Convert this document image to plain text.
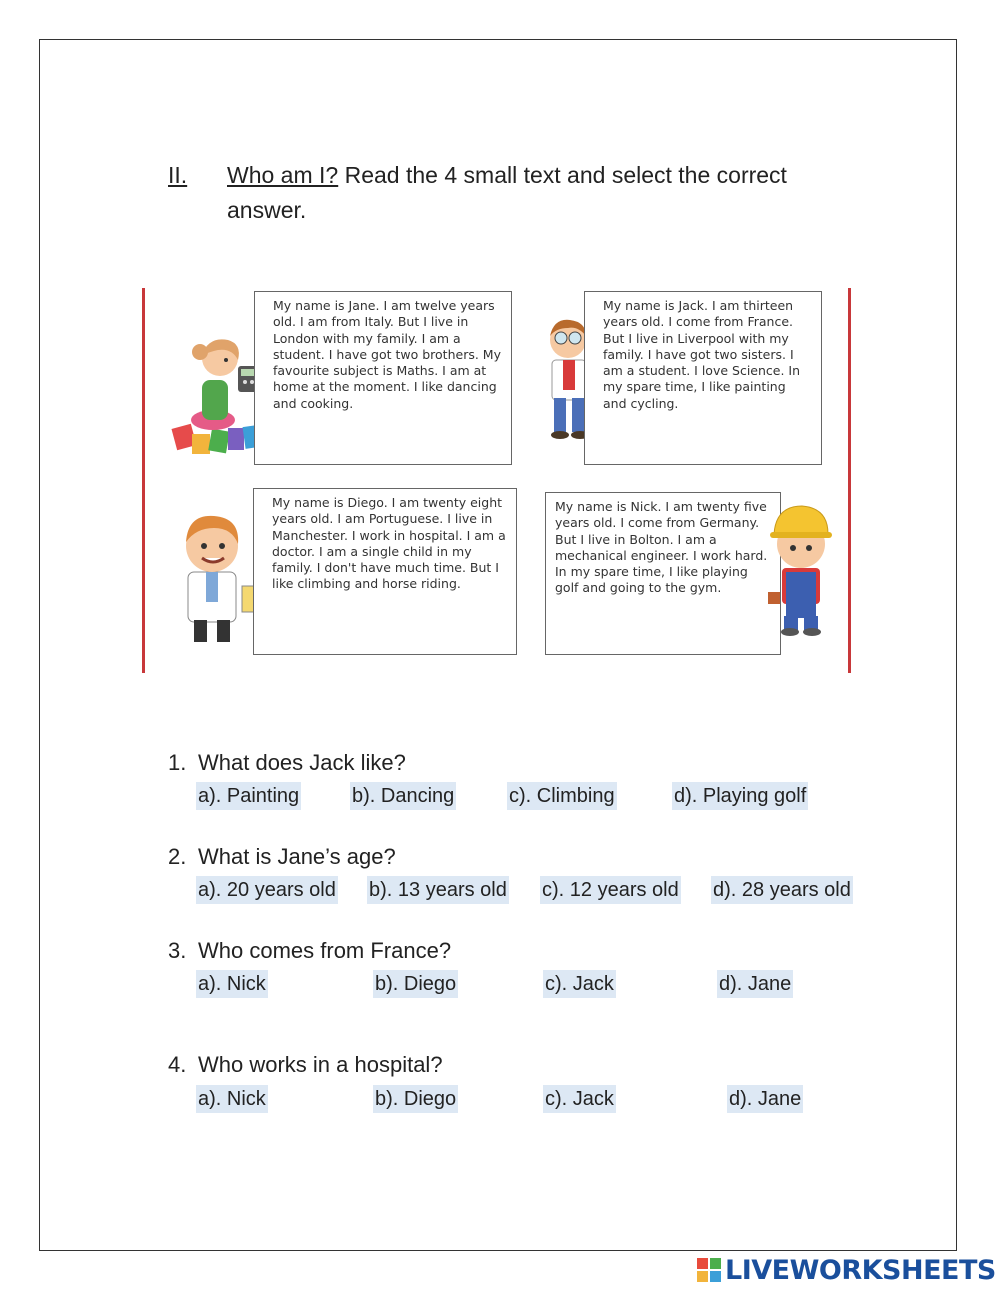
II. Who am I? Read the 4 small text and select the correct answer.
My name is Jane. I am twelve years old. I am from Italy. But I live in London with my family. I am a student. I have got two brothers. My favourite subject is Maths. I am at home at the moment. I like dancing and cooking.
My name is Jack. I am thirteen years old. I come from France. But I live in Liverpool with my family. I have got two sisters. I am a student. I love Science. In my spare time, I like painting and cycling.
My name is Diego. I am twenty eight years old. I am Portuguese. I live in Manchester. I work in hospital. I am a doctor. I am a single child in my family. I don't have much time. But I like climbing and horse riding.
My name is Nick. I am twenty five years old. I come from Germany. But I live in Bolton. I am a mechanical engineer. I work hard. In my spare time, I like playing golf and going to the gym.
1. What does Jack like?
a). Painting	b). Dancing	c). Climbing	d). Playing golf
2. What is Jane’s age?
a). 20 years old b). 13 years old c). 12 years old d). 28 years old
3. Who comes from France?
a). Nick	b). Diego	c). Jack	d). Jane
4. Who works in a hospital?
a). Nick	b). Diego	c). Jack	d). Jane
LIVEWORKSHEETS
